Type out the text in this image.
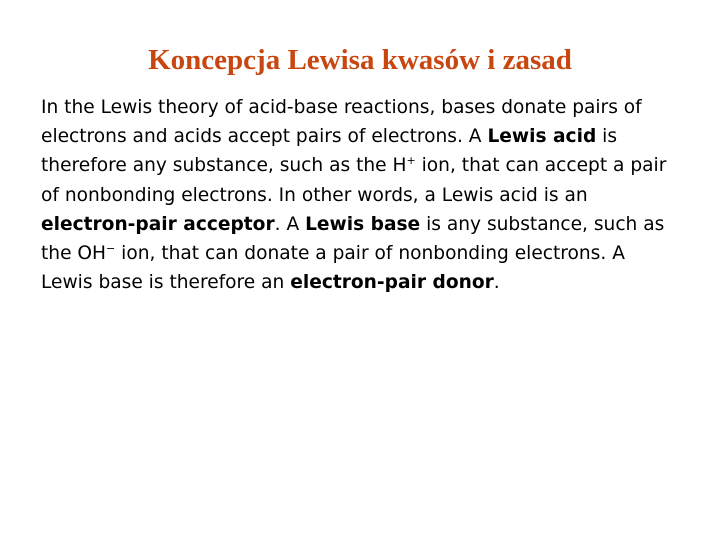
Koncepcja Lewisa kwasów i zasad

In the Lewis theory of acid-base reactions, bases donate pairs of electrons and acids accept pairs of electrons. A Lewis acid is therefore any substance, such as the H+ ion, that can accept a pair of nonbonding electrons. In other words, a Lewis acid is an electron-pair acceptor. A Lewis base is any substance, such as the OH− ion, that can donate a pair of nonbonding electrons. A Lewis base is therefore an electron-pair donor.
